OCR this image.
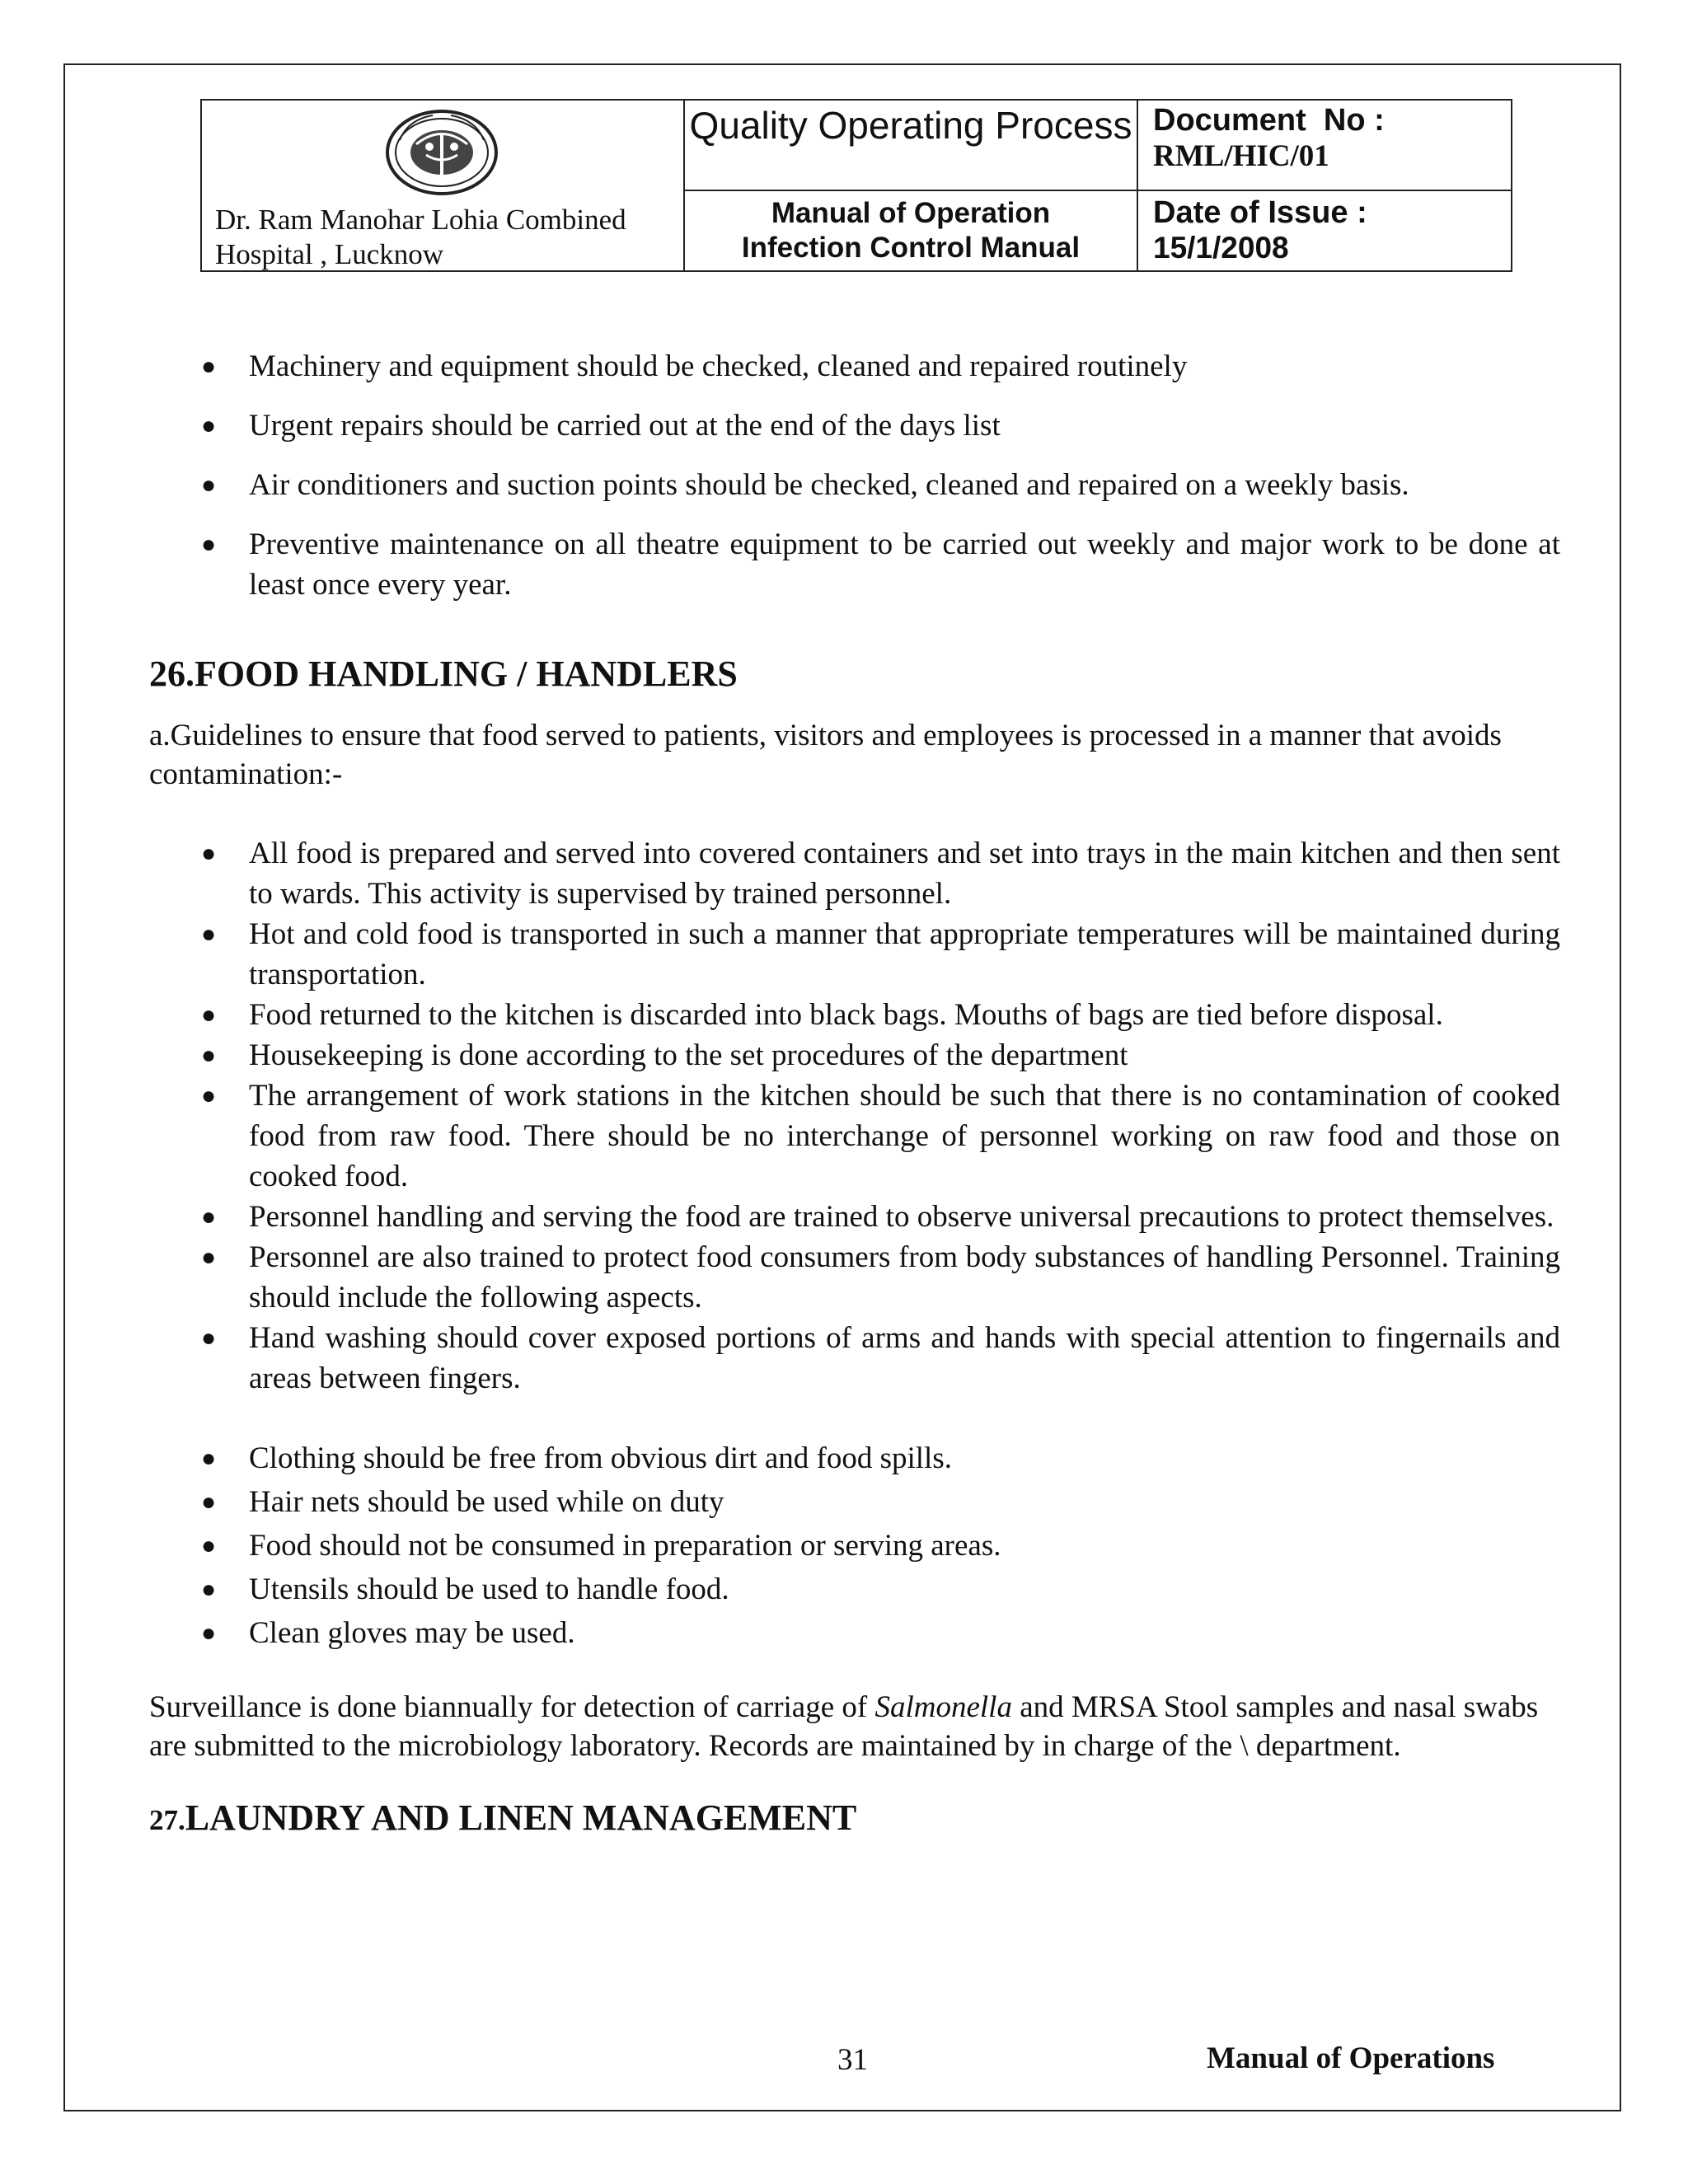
Dr. Ram Manohar Lohia Combined Hospital , Lucknow
Quality Operating Process
Manual of Operation
Infection Control Manual
Document  No :
RML/HIC/01
Date of Issue :
15/1/2008
● Machinery and equipment should be checked, cleaned and repaired routinely
● Urgent repairs should be carried out at the end of the days list
● Air conditioners and suction points should be checked, cleaned and repaired on a weekly basis.
● Preventive maintenance on all theatre equipment to be carried out weekly and major work to be done at least once every year.
26.FOOD HANDLING / HANDLERS

a.Guidelines to ensure that food served to patients, visitors and employees is processed in a manner that avoids contamination:-

● All food is prepared and served into covered containers and set into trays in the main kitchen and then sent to wards. This activity is supervised by trained personnel.
● Hot and cold food is transported in such a manner that appropriate temperatures will be maintained during transportation.
● Food returned to the kitchen is discarded into black bags. Mouths of bags are tied before disposal.
● Housekeeping is done according to the set procedures of the department
● The arrangement of work stations in the kitchen should be such that there is no contamination of cooked food from raw food. There should be no interchange of personnel working on raw food and those on cooked food.
● Personnel handling and serving the food are trained to observe universal precautions to protect themselves.
● Personnel are also trained to protect food consumers from body substances of handling Personnel. Training should include the following aspects.
● Hand washing should cover exposed portions of arms and hands with special attention to fingernails and areas between fingers.
● Clothing should be free from obvious dirt and food spills.
● Hair nets should be used while on duty
● Food should not be consumed in preparation or serving areas.
● Utensils should be used to handle food.
● Clean gloves may be used.

Surveillance is done biannually for detection of carriage of Salmonella and MRSA Stool samples and nasal swabs are submitted to the microbiology laboratory. Records are maintained by in charge of the \ department.

27.LAUNDRY AND LINEN MANAGEMENT
31	Manual of Operations
